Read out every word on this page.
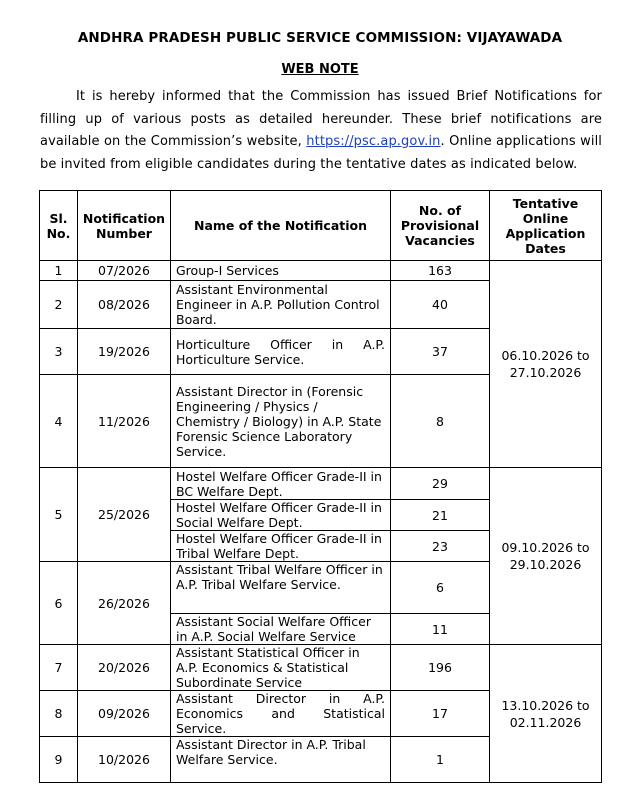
ANDHRA PRADESH PUBLIC SERVICE COMMISSION: VIJAYAWADA
WEB NOTE

It is hereby informed that the Commission has issued Brief Notifications for filling up of various posts as detailed hereunder. These brief notifications are available on the Commission’s website, https://psc.ap.gov.in. Online applications will be invited from eligible candidates during the tentative dates as indicated below.

Sl. No.	Notification Number	Name of the Notification	No. of Provisional Vacancies	Tentative Online Application Dates
1	07/2026	Group-I Services	163	06.10.2026 to 27.10.2026
2	08/2026	Assistant Environmental Engineer in A.P. Pollution Control Board.	40	
3	19/2026	Horticulture Officer in A.P. Horticulture Service.	37	
4	11/2026	Assistant Director in (Forensic Engineering / Physics / Chemistry / Biology) in A.P. State Forensic Science Laboratory Service.	8	
5	25/2026	Hostel Welfare Officer Grade-II in BC Welfare Dept.	29	09.10.2026 to 29.10.2026
		Hostel Welfare Officer Grade-II in Social Welfare Dept.	21	
		Hostel Welfare Officer Grade-II in Tribal Welfare Dept.	23	
6	26/2026	Assistant Tribal Welfare Officer in A.P. Tribal Welfare Service.	6	
		Assistant Social Welfare Officer in A.P. Social Welfare Service	11	
7	20/2026	Assistant Statistical Officer in A.P. Economics & Statistical Subordinate Service	196	13.10.2026 to 02.11.2026
8	09/2026	Assistant Director in A.P. Economics and Statistical Service.	17	
9	10/2026	Assistant Director in A.P. Tribal Welfare Service.	1	
